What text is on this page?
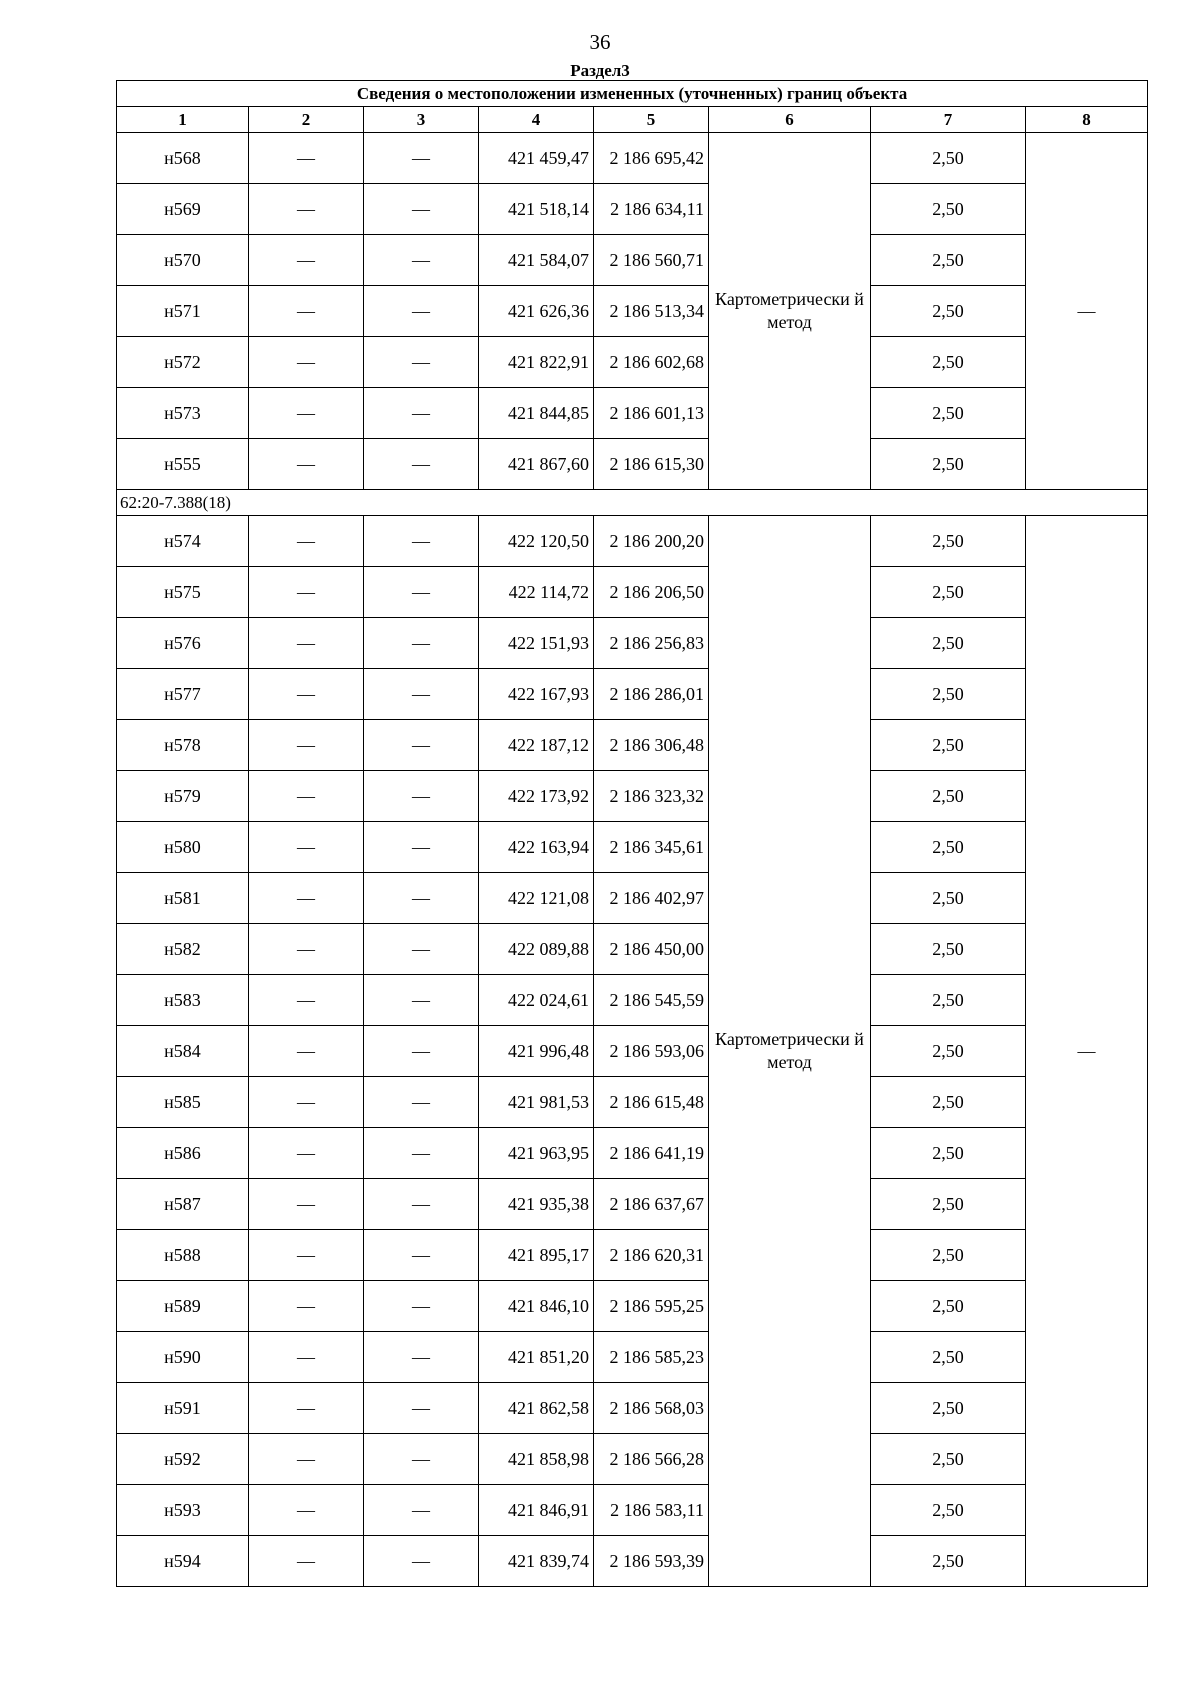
36
Раздел3
Сведения о местоположении измененных (уточненных) границ объекта							
1	2	3	4	5	6	7	8
н568	—	—	421 459,47	2 186 695,42	Картометрически й метод	2,50	—
н569	—	—	421 518,14	2 186 634,11		2,50	
н570	—	—	421 584,07	2 186 560,71		2,50	
н571	—	—	421 626,36	2 186 513,34		2,50	
н572	—	—	421 822,91	2 186 602,68		2,50	
н573	—	—	421 844,85	2 186 601,13		2,50	
н555	—	—	421 867,60	2 186 615,30		2,50	
62:20-7.388(18)							
н574	—	—	422 120,50	2 186 200,20	Картометрически й метод	2,50	—
н575	—	—	422 114,72	2 186 206,50		2,50	
н576	—	—	422 151,93	2 186 256,83		2,50	
н577	—	—	422 167,93	2 186 286,01		2,50	
н578	—	—	422 187,12	2 186 306,48		2,50	
н579	—	—	422 173,92	2 186 323,32		2,50	
н580	—	—	422 163,94	2 186 345,61		2,50	
н581	—	—	422 121,08	2 186 402,97		2,50	
н582	—	—	422 089,88	2 186 450,00		2,50	
н583	—	—	422 024,61	2 186 545,59		2,50	
н584	—	—	421 996,48	2 186 593,06		2,50	
н585	—	—	421 981,53	2 186 615,48		2,50	
н586	—	—	421 963,95	2 186 641,19		2,50	
н587	—	—	421 935,38	2 186 637,67		2,50	
н588	—	—	421 895,17	2 186 620,31		2,50	
н589	—	—	421 846,10	2 186 595,25		2,50	
н590	—	—	421 851,20	2 186 585,23		2,50	
н591	—	—	421 862,58	2 186 568,03		2,50	
н592	—	—	421 858,98	2 186 566,28		2,50	
н593	—	—	421 846,91	2 186 583,11		2,50	
н594	—	—	421 839,74	2 186 593,39		2,50	
